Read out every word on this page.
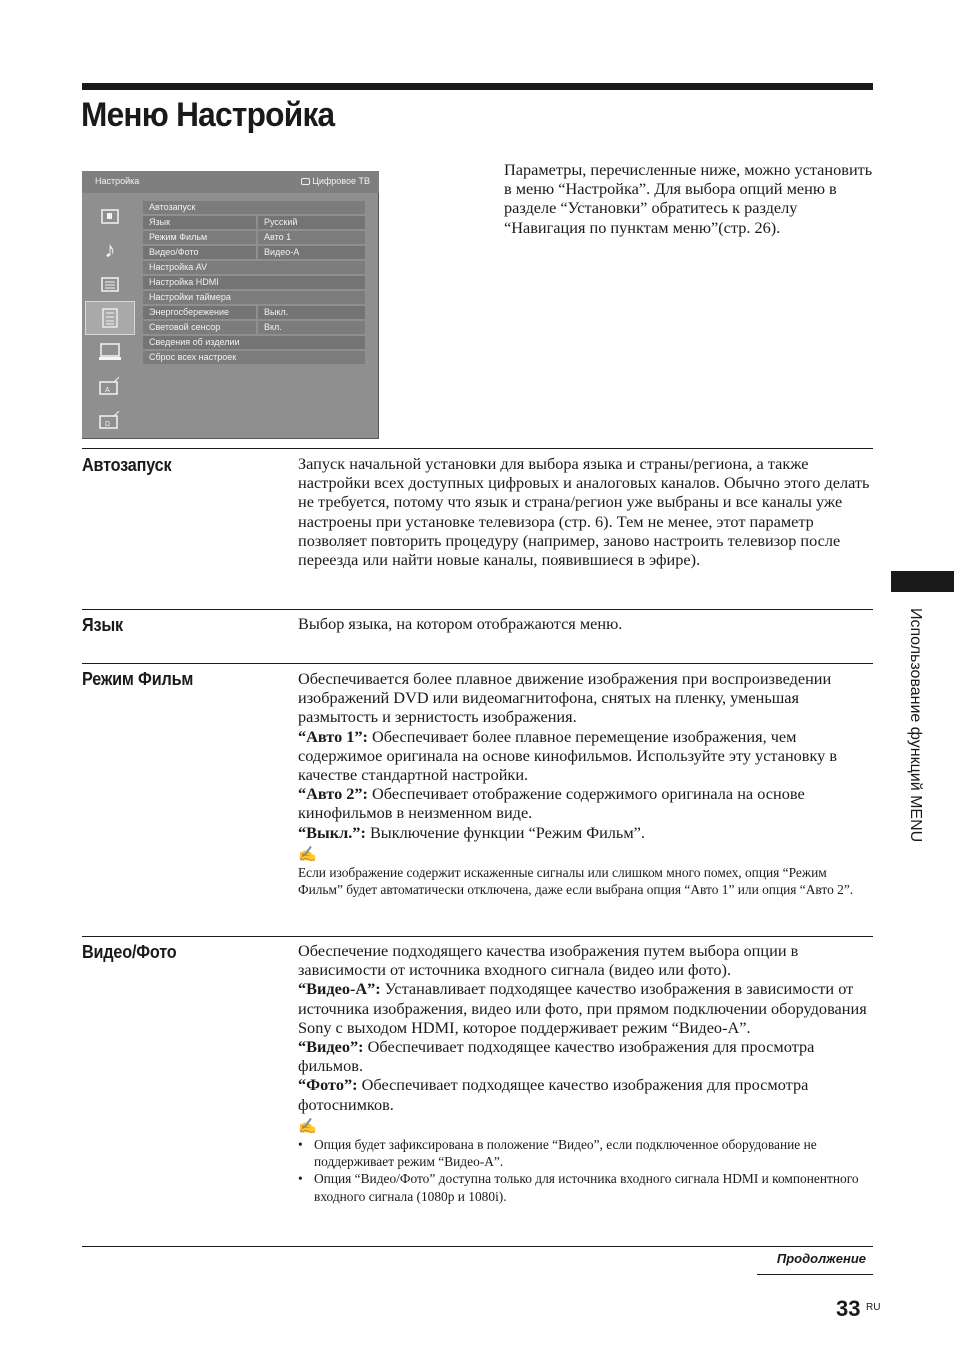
Меню Настройка
Настройка	Цифровое ТВ
♪
A
D
Автозапуск
Язык	Русский
Режим Фильм	Авто 1
Видео/Фото	Видео-А
Настройка AV
Настройка HDMI
Настройки таймера
Энергосбережение	Выкл.
Световой сенсор	Вкл.
Сведения об изделии
Сброс всех настроек
Параметры, перечисленные ниже, можно установить в меню “Настройка”. Для выбора опций меню в разделе “Установки” обратитесь к разделу “Навигация по пунктам меню”(стр. 26).
Автозапуск	Запуск начальной установки для выбора языка и страны/региона, а также настройки всех доступных цифровых и аналоговых каналов. Обычно этого делать не требуется, потому что язык и страна/регион уже выбраны и все каналы уже настроены при установке телевизора (стр. 6). Тем не менее, этот параметр позволяет повторить процедуру (например, заново настроить телевизор после переезда или найти новые каналы, появившиеся в эфире).

Язык	Выбор языка, на котором отображаются меню.

Режим Фильм	Обеспечивается более плавное движение изображения при воспроизведении изображений DVD или видеомагнитофона, снятых на пленку, уменьшая размытость и зернистость изображения.

“Авто 1”: Обеспечивает более плавное перемещение изображения, чем содержимое оригинала на основе кинофильмов. Используйте эту установку в качестве стандартной настройки.

“Авто 2”: Обеспечивает отображение содержимого оригинала на основе кинофильмов в неизменном виде.

“Выкл.”: Выключение функции “Режим Фильм”.

✍

Если изображение содержит искаженные сигналы или слишком много помех, опция “Режим Фильм” будет автоматически отключена, даже если выбрана опция “Авто 1” или опция “Авто 2”.

Видео/Фото	Обеспечение подходящего качества изображения путем выбора опции в зависимости от источника входного сигнала (видео или фото).

“Видео-А”: Устанавливает подходящее качество изображения в зависимости от источника изображения, видео или фото, при прямом подключении оборудования Sony с выходом HDMI, которое поддерживает режим “Видео-А”.

“Видео”: Обеспечивает подходящее качество изображения для просмотра фильмов.

“Фото”: Обеспечивает подходящее качество изображения для просмотра фотоснимков.

✍
• Опция будет зафиксирована в положение “Видео”, если подключенное оборудование не поддерживает режим “Видео-А”.
• Опция “Видео/Фото” доступна только для источника входного сигнала HDMI и компонентного входного сигнала (1080p и 1080i).
Продолжение
33 RU
Использование функций MENU
